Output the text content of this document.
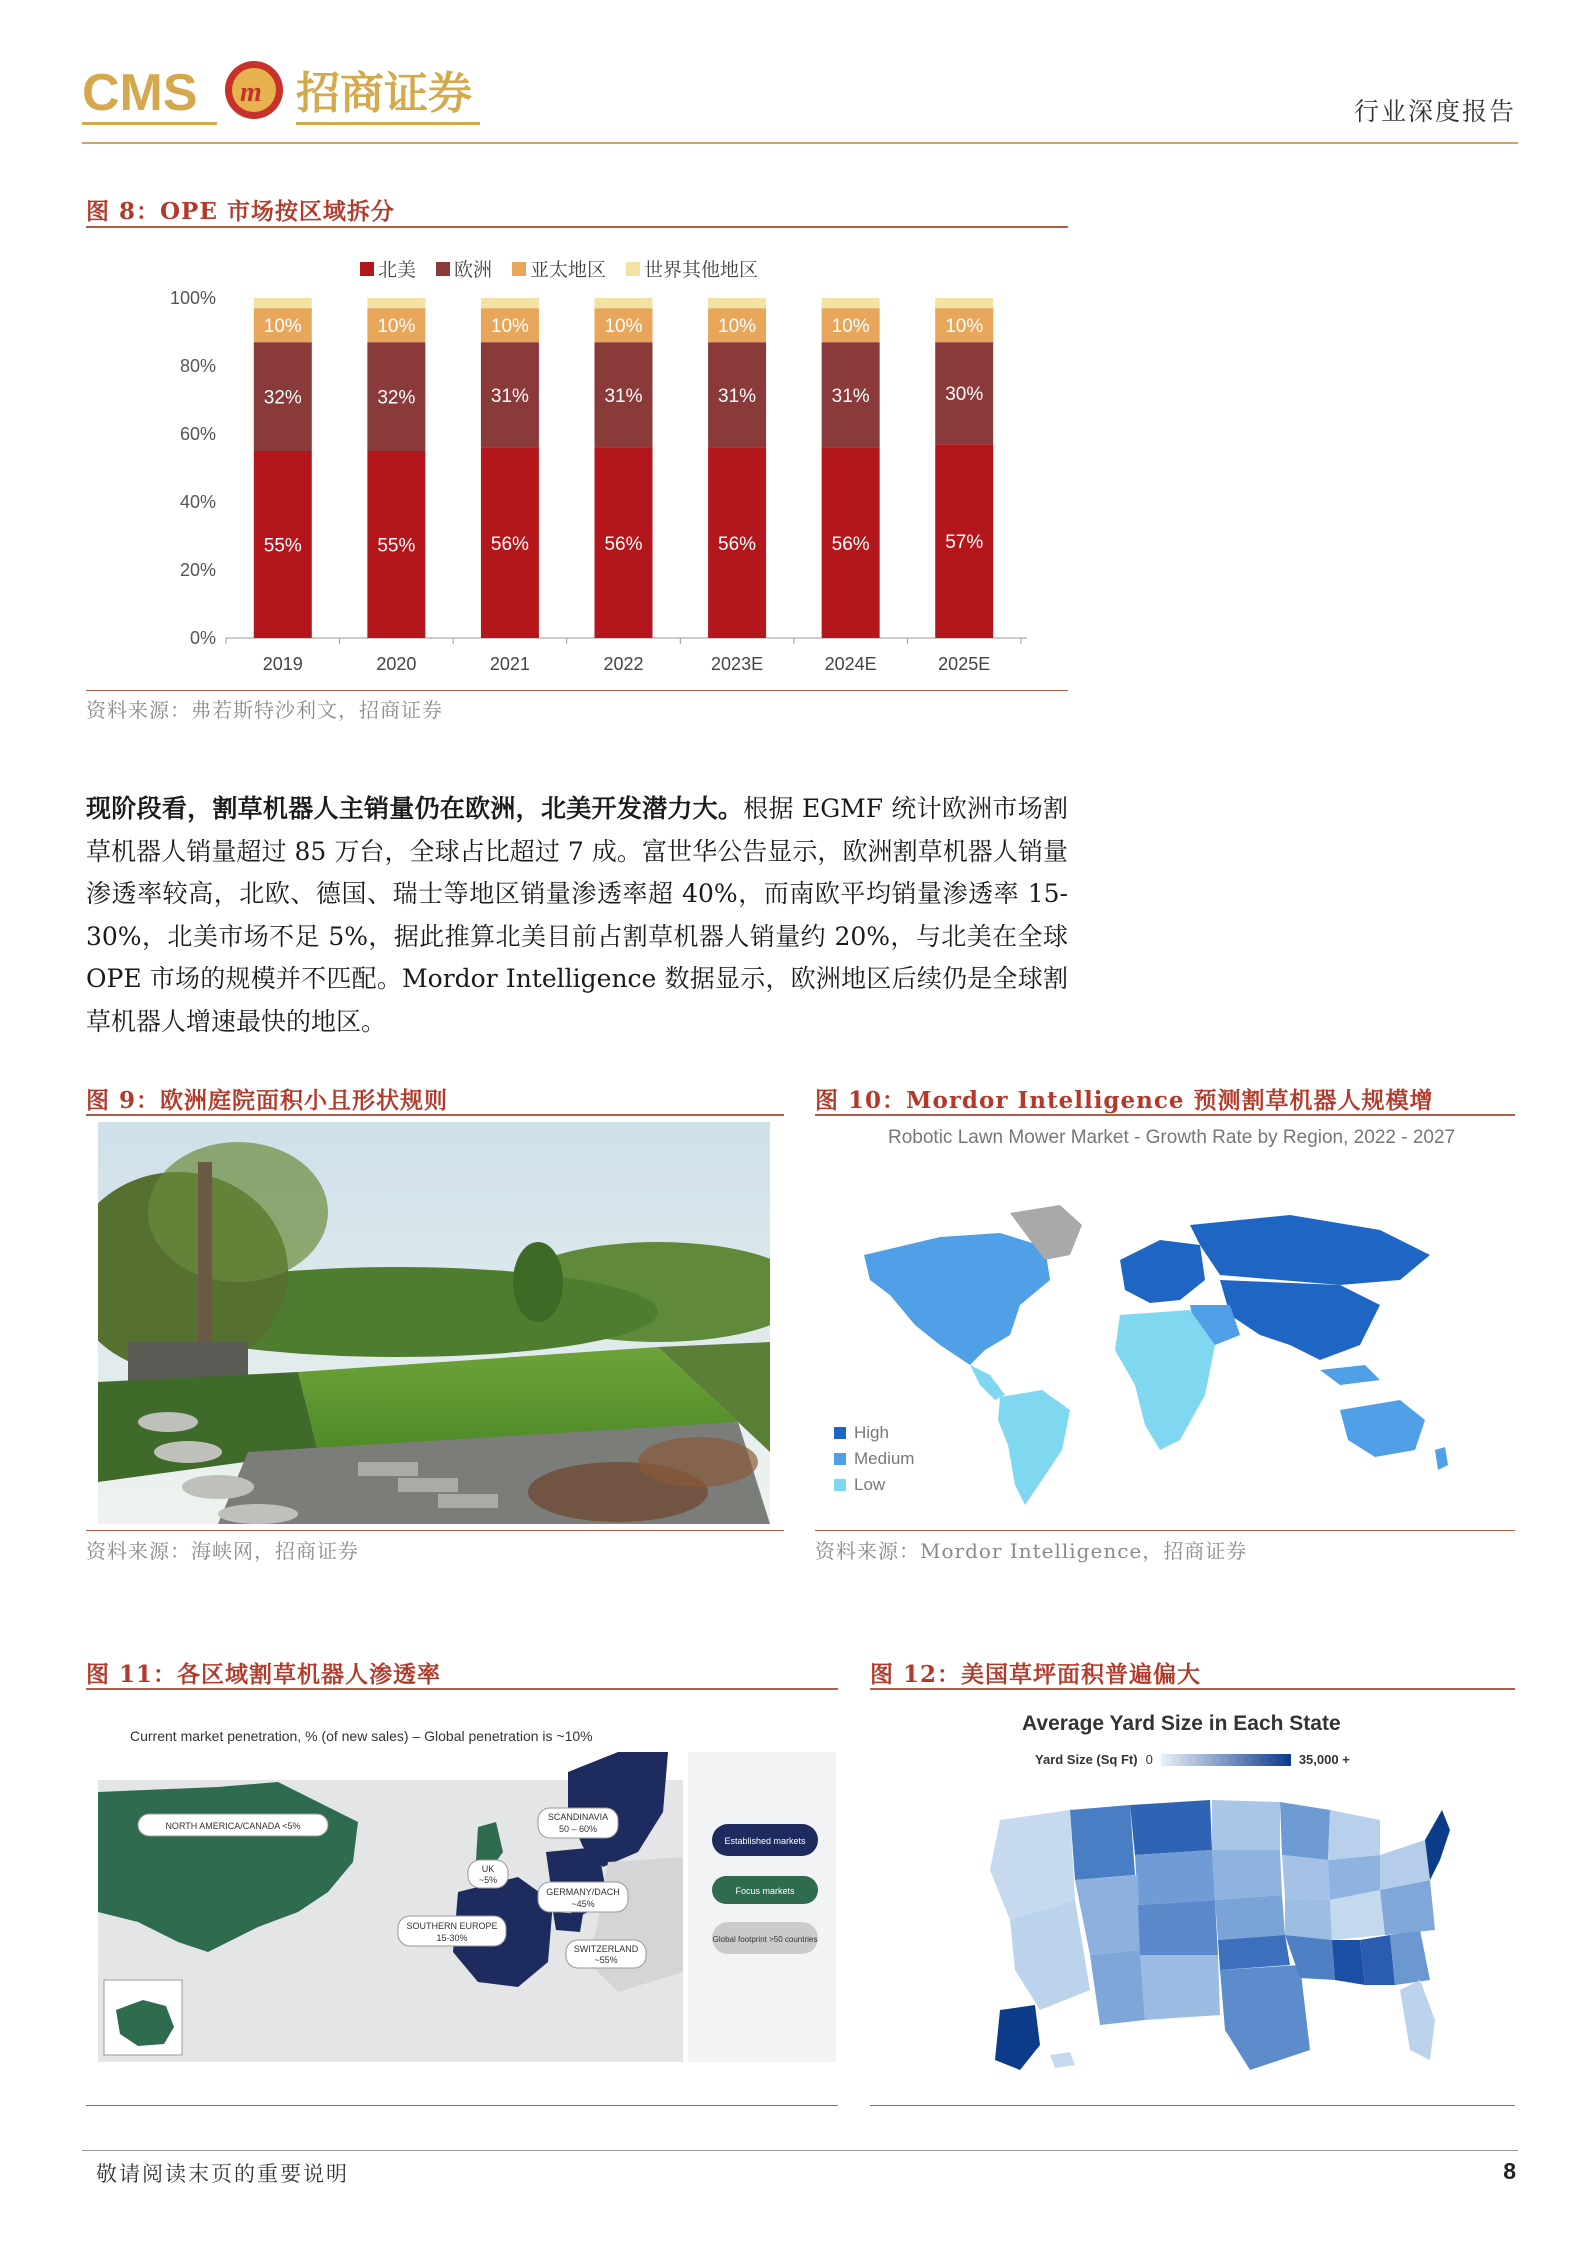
CMS m 招商证券	行业深度报告
图 8：OPE 市场按区域拆分
北美 欧洲 亚太地区 世界其他地区
0%
20%
40%
60%
80%
100%
55%
32%
10%
2019
55%
32%
10%
2020
56%
31%
10%
2021
56%
31%
10%
2022
56%
31%
10%
2023E
56%
31%
10%
2024E
57%
30%
10%
2025E
资料来源：弗若斯特沙利文，招商证券
现阶段看，割草机器人主销量仍在欧洲，北美开发潜力大。根据 EGMF 统计欧洲市场割草机器人销量超过 85 万台，全球占比超过 7 成。富世华公告显示，欧洲割草机器人销量渗透率较高，北欧、德国、瑞士等地区销量渗透率超 40%，而南欧平均销量渗透率 15-30%，北美市场不足 5%，据此推算北美目前占割草机器人销量约 20%，与北美在全球 OPE 市场的规模并不匹配。Mordor Intelligence 数据显示，欧洲地区后续仍是全球割草机器人增速最快的地区。
图 9：欧洲庭院面积小且形状规则
资料来源：海峡网，招商证券
图 10：Mordor Intelligence 预测割草机器人规模增
Robotic Lawn Mower Market - Growth Rate by Region, 2022 - 2027
High
Medium
Low
资料来源：Mordor Intelligence，招商证券
图 11：各区域割草机器人渗透率
Current market penetration, % (of new sales) – Global penetration is ~10%
NORTH AMERICA/CANADA <5%
SCANDINAVIA
50 – 60%
UK
~5%
GERMANY/DACH
~45%
SOUTHERN EUROPE
15-30%
SWITZERLAND
~55%
Established markets
Focus markets
Global footprint >50 countries
图 12：美国草坪面积普遍偏大
Average Yard Size in Each State
Yard Size (Sq Ft) 0	35,000 +
敬请阅读末页的重要说明	8
